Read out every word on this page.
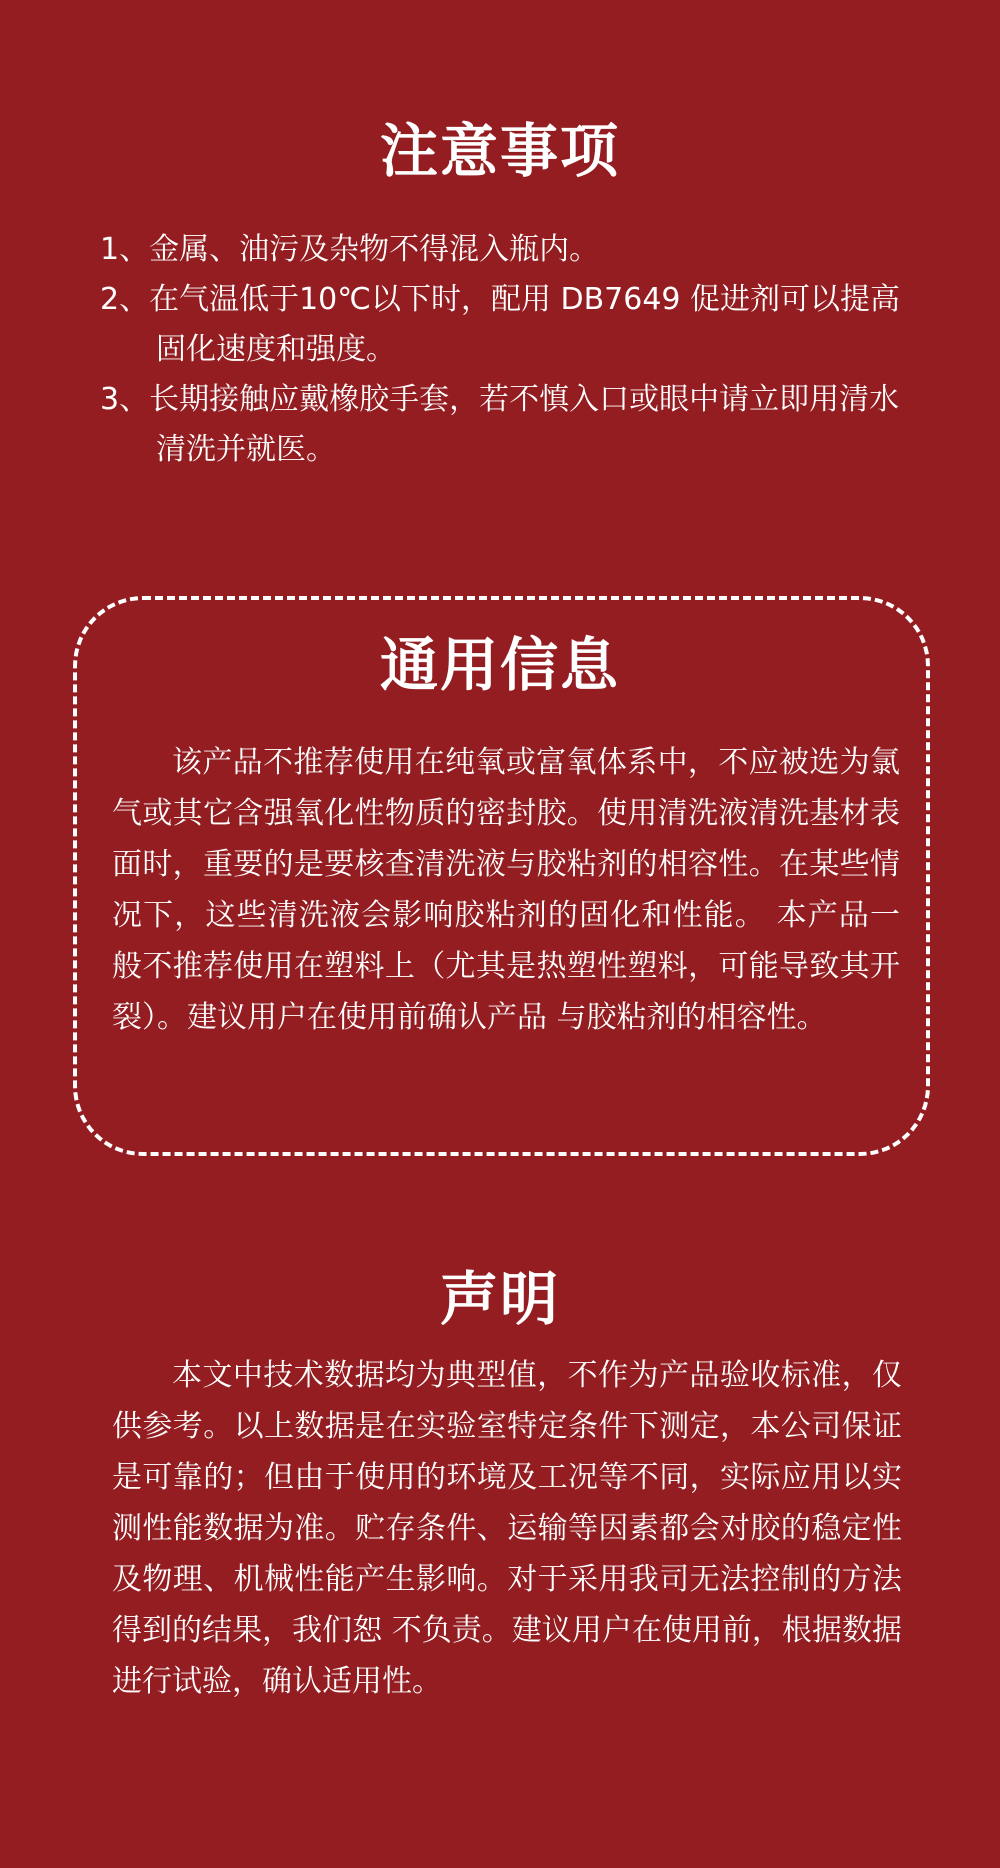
注意事项
1、金属、油污及杂物不得混入瓶内。
2、在气温低于10℃以下时，配用 DB7649 促进剂可以提高固化速度和强度。
3、长期接触应戴橡胶手套，若不慎入口或眼中请立即用清水清洗并就医。
通用信息

该产品不推荐使用在纯氧或富氧体系中，不应被选为氯气或其它含强氧化性物质的密封胶。使用清洗液清洗基材表面时，重要的是要核查清洗液与胶粘剂的相容性。在某些情况下，这些清洗液会影响胶粘剂的固化和性能。 本产品一般不推荐使用在塑料上（尤其是热塑性塑料，可能导致其开裂）。建议用户在使用前确认产品 与胶粘剂的相容性。

声明

本文中技术数据均为典型值，不作为产品验收标准，仅供参考。以上数据是在实验室特定条件下测定，本公司保证是可靠的；但由于使用的环境及工况等不同，实际应用以实测性能数据为准。贮存条件、运输等因素都会对胶的稳定性及物理、机械性能产生影响。对于采用我司无法控制的方法得到的结果，我们恕 不负责。建议用户在使用前，根据数据进行试验，确认适用性。
